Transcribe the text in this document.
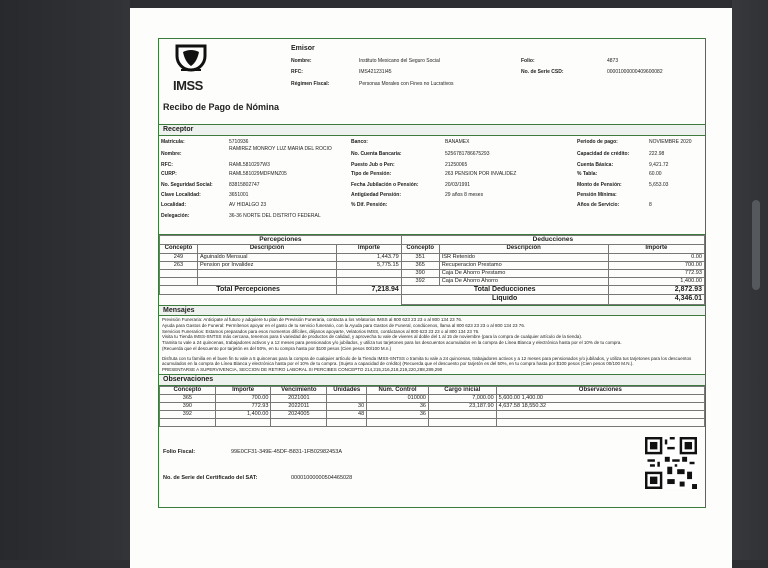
IMSS
Emisor
Nombre:	Instituto Mexicano del Seguro Social
RFC:	IMS421231I45
Régimen Fiscal:	Personas Morales con Fines no Lucrativos
Folio:	4873
No. de Serie CSD:	00001000000409600082
Recibo de Pago de Nómina
Receptor
Matrícula:	5710936
Nombre:
RAMIREZ MONROY LUZ MARIA DEL ROCIO
RFC:	RAML5810297W3
CURP:	RAML581029MDFMNZ05
No. Seguridad Social:	83815802747
Clave Localidad:	3651001
Localidad:	AV HIDALGO 23
Delegación:	36-36 NORTE DEL DISTRITO FEDERAL
Banco:	BANAMEX
No. Cuenta Bancaria:	5256781786675293
Puesto Jub o Pen:	21250065
Tipo de Pensión:	263 PENSION POR INVALIDEZ
Fecha Jubilación o Pensión:	20/03/1991
Antigüedad Pensión:	29 años 8 meses
% Dif. Pensión:
Periodo de pago:	NOVIEMBRE 2020
Capacidad de crédito:	222.98
Cuenta Básica:	9,421.72
% Tabla:	60.00
Monto de Pensión:	5,653.03
Pensión Mínima:
Años de Servicio:	8
Percepciones			Deducciones		
Concepto	Descripción	Importe	Concepto	Descripción	Importe
249	Aguinaldo Mensual	1,443.79	351	ISR Retenido	0.00
263	Pension por Invalidez	5,775.15	365	Recuperacion Prestamo	700.00
			390	Caja De Ahorro Prestamo	772.93
			392	Caja De Ahorro Ahorro	1,400.00
Total Percepciones		7,218.94	Total Deducciones		2,872.93
			Líquido		4,346.01
Mensajes

Previsión Funeraria: Anticipate al futuro y adquiere tu plan de Previsión Funeraria, contacta a los Velatorios IMSS al 800 623 23 23 o al 800 134 23 76.

Ayuda para Gastos de Funeral: Permítenos apoyar en el gasto de tu servicio funerario, con la Ayuda para Gastos de Funeral, condúcenos, llama al 800 623 23 23 o al 800 134 23 76.

Servicios Funerarios: Estamos preparados para esos momentos difíciles, déjanos apoyarte, Velatorios IMSS, contáctanos al 800 623 23 23 o al 800 134 23 76.

Visita tu Tienda IMSS-SNTSS más cercana, tenemos para ti variedad de productos de calidad, y aprovecha tu vale de viveres al doble del 1 al 15 de noviembre (para la compra de cualquier artículo de la tienda).

Tramita tu vale a 24 quincenas, trabajadores activos y a 12 meses para pensionados y/o jubilados, y utiliza tus tarjetones para los descuentos acumulados en la compra de Línea Blanca y electrónica hasta por el 10% de tu compra.

(Recuerda que el descuento por tarjetón es del 50%, en tu compra hasta por $100 pesos (Cien pesos 00/100 M.n.)

Disfruta con tu familia en el buen fin tu vale a 5 quincenas para la compra de cualquier artículo de la Tienda IMSS-SNTSS o tramita tu vale a 24 quincenas, trabajadores activos y a 12 meses para pensionados y/o jubilados, y utiliza tus tarjetones para los descuentos acumulados en la compra de Línea Blanca y electrónica hasta por el 10% de tu compra. (Sujeto a capacidad de crédito) (Recuerda que el descuento por tarjetón es del 50%, en tu compra hasta por $100 pesos (Cien pesos 00/100 M.N.).

PRESENTARSE A SUPERVIVENCIA, SECCION DE RETIRO LABORAL SI PERCIBES CONCEPTO 214,215,216,218,219,220,288,289,290

Observaciones
Concepto	Importe	Vencimiento	Unidades	Núm. Control	Cargo inicial	Observaciones
365	700.00	2021001		010000	7,000.00	5,600.00 1,400.00
390	772.93	2022011	30	36	23,187.90	4,637.58 18,550.32
392	1,400.00	2024005	48	36		

Folio Fiscal:	99E0CF31-349E-45DF-B831-1FB02982453A
No. de Serie del Certificado del SAT:	00001000000504465028
